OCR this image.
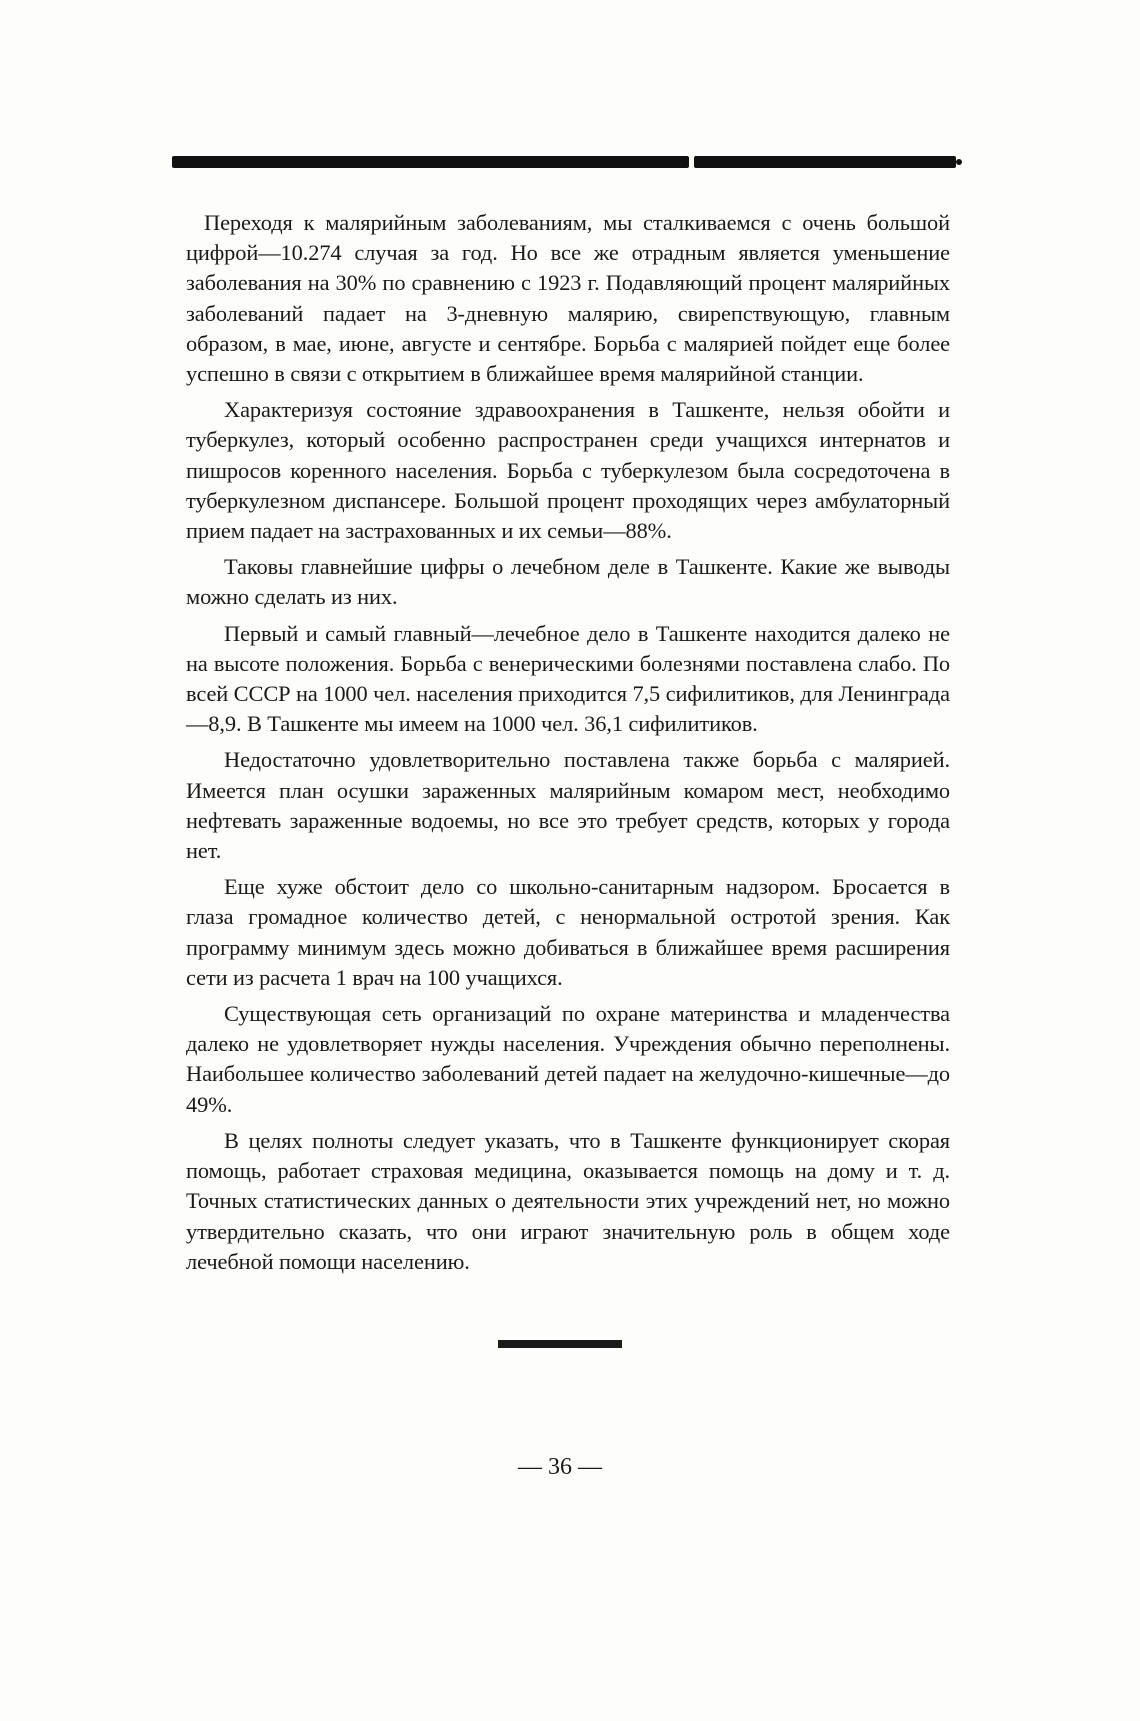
Переходя к малярийным заболеваниям, мы сталкиваемся с очень большой цифрой—10.274 случая за год. Но все же отрадным является уменьшение заболевания на 30% по сравнению с 1923 г. Подавляющий процент малярийных заболеваний падает на 3-дневную малярию, свирепствующую, главным образом, в мае, июне, августе и сентябре. Борьба с малярией пойдет еще более успешно в связи с открытием в ближайшее время малярийной станции.

Характеризуя состояние здравоохранения в Ташкенте, нельзя обойти и туберкулез, который особенно распространен среди учащихся интернатов и пишросов коренного населения. Борьба с туберкулезом была сосредоточена в туберкулезном диспансере. Большой процент проходящих через амбулаторный прием падает на застрахованных и их семьи—88%.

Таковы главнейшие цифры о лечебном деле в Ташкенте. Какие же выводы можно сделать из них.

Первый и самый главный—лечебное дело в Ташкенте находится далеко не на высоте положения. Борьба с венерическими болезнями поставлена слабо. По всей СССР на 1000 чел. населения приходится 7,5 сифилитиков, для Ленинграда—8,9. В Ташкенте мы имеем на 1000 чел. 36,1 сифилитиков.

Недостаточно удовлетворительно поставлена также борьба с малярией. Имеется план осушки зараженных малярийным комаром мест, необходимо нефтевать зараженные водоемы, но все это требует средств, которых у города нет.

Еще хуже обстоит дело со школьно-санитарным надзором. Бросается в глаза громадное количество детей, с ненормальной остротой зрения. Как программу минимум здесь можно добиваться в ближайшее время расширения сети из расчета 1 врач на 100 учащихся.

Существующая сеть организаций по охране материнства и младенчества далеко не удовлетворяет нужды населения. Учреждения обычно переполнены. Наибольшее количество заболеваний детей падает на желудочно-кишечные—до 49%.

В целях полноты следует указать, что в Ташкенте функционирует скорая помощь, работает страховая медицина, оказывается помощь на дому и т. д. Точных статистических данных о деятельности этих учреждений нет, но можно утвердительно сказать, что они играют значительную роль в общем ходе лечебной помощи населению.

— 36 —
